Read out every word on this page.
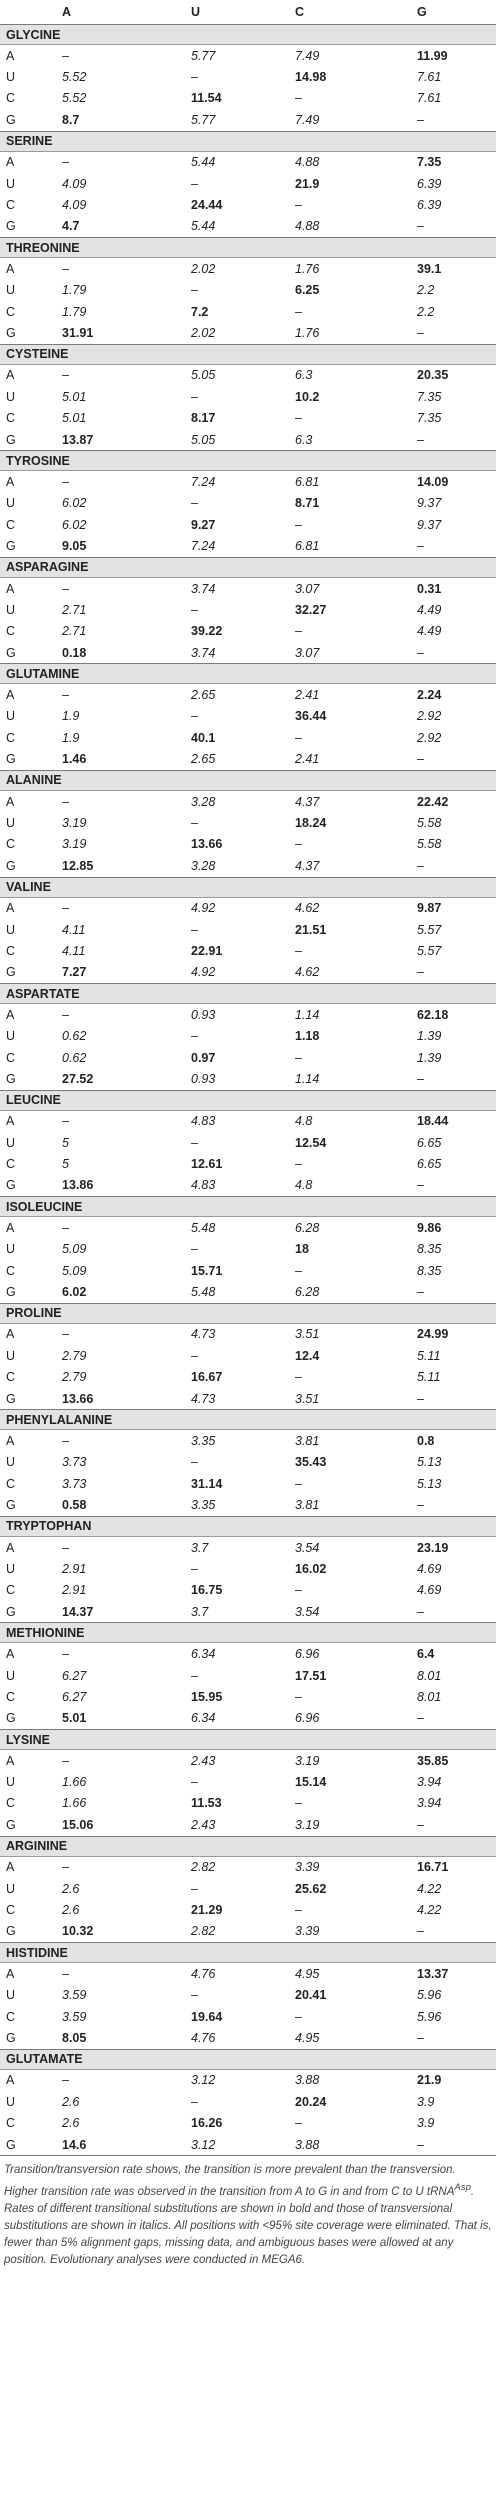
	A	U	C	G
GLYCINE				
A	–	5.77	7.49	11.99
U	5.52	–	14.98	7.61
C	5.52	11.54	–	7.61
G	8.7	5.77	7.49	–
SERINE				
A	–	5.44	4.88	7.35
U	4.09	–	21.9	6.39
C	4.09	24.44	–	6.39
G	4.7	5.44	4.88	–
THREONINE				
A	–	2.02	1.76	39.1
U	1.79	–	6.25	2.2
C	1.79	7.2	–	2.2
G	31.91	2.02	1.76	–
CYSTEINE				
A	–	5.05	6.3	20.35
U	5.01	–	10.2	7.35
C	5.01	8.17	–	7.35
G	13.87	5.05	6.3	–
TYROSINE				
A	–	7.24	6.81	14.09
U	6.02	–	8.71	9.37
C	6.02	9.27	–	9.37
G	9.05	7.24	6.81	–
ASPARAGINE				
A	–	3.74	3.07	0.31
U	2.71	–	32.27	4.49
C	2.71	39.22	–	4.49
G	0.18	3.74	3.07	–
GLUTAMINE				
A	–	2.65	2.41	2.24
U	1.9	–	36.44	2.92
C	1.9	40.1	–	2.92
G	1.46	2.65	2.41	–
ALANINE				
A	–	3.28	4.37	22.42
U	3.19	–	18.24	5.58
C	3.19	13.66	–	5.58
G	12.85	3.28	4.37	–
VALINE				
A	–	4.92	4.62	9.87
U	4.11	–	21.51	5.57
C	4.11	22.91	–	5.57
G	7.27	4.92	4.62	–
ASPARTATE				
A	–	0.93	1.14	62.18
U	0.62	–	1.18	1.39
C	0.62	0.97	–	1.39
G	27.52	0.93	1.14	–
LEUCINE				
A	–	4.83	4.8	18.44
U	5	–	12.54	6.65
C	5	12.61	–	6.65
G	13.86	4.83	4.8	–
ISOLEUCINE				
A	–	5.48	6.28	9.86
U	5.09	–	18	8.35
C	5.09	15.71	–	8.35
G	6.02	5.48	6.28	–
PROLINE				
A	–	4.73	3.51	24.99
U	2.79	–	12.4	5.11
C	2.79	16.67	–	5.11
G	13.66	4.73	3.51	–
PHENYLALANINE				
A	–	3.35	3.81	0.8
U	3.73	–	35.43	5.13
C	3.73	31.14	–	5.13
G	0.58	3.35	3.81	–
TRYPTOPHAN				
A	–	3.7	3.54	23.19
U	2.91	–	16.02	4.69
C	2.91	16.75	–	4.69
G	14.37	3.7	3.54	–
METHIONINE				
A	–	6.34	6.96	6.4
U	6.27	–	17.51	8.01
C	6.27	15.95	–	8.01
G	5.01	6.34	6.96	–
LYSINE				
A	–	2.43	3.19	35.85
U	1.66	–	15.14	3.94
C	1.66	11.53	–	3.94
G	15.06	2.43	3.19	–
ARGININE				
A	–	2.82	3.39	16.71
U	2.6	–	25.62	4.22
C	2.6	21.29	–	4.22
G	10.32	2.82	3.39	–
HISTIDINE				
A	–	4.76	4.95	13.37
U	3.59	–	20.41	5.96
C	3.59	19.64	–	5.96
G	8.05	4.76	4.95	–
GLUTAMATE				
A	–	3.12	3.88	21.9
U	2.6	–	20.24	3.9
C	2.6	16.26	–	3.9
G	14.6	3.12	3.88	–

Transition/transversion rate shows, the transition is more prevalent than the transversion. Higher transition rate was observed in the transition from A to G in and from C to U tRNA$^{Asp}$. Rates of different transitional substitutions are shown in bold and those of transversional substitutions are shown in italics. All positions with <95% site coverage were eliminated. That is, fewer than 5% alignment gaps, missing data, and ambiguous bases were allowed at any position. Evolutionary analyses were conducted in MEGA6.
